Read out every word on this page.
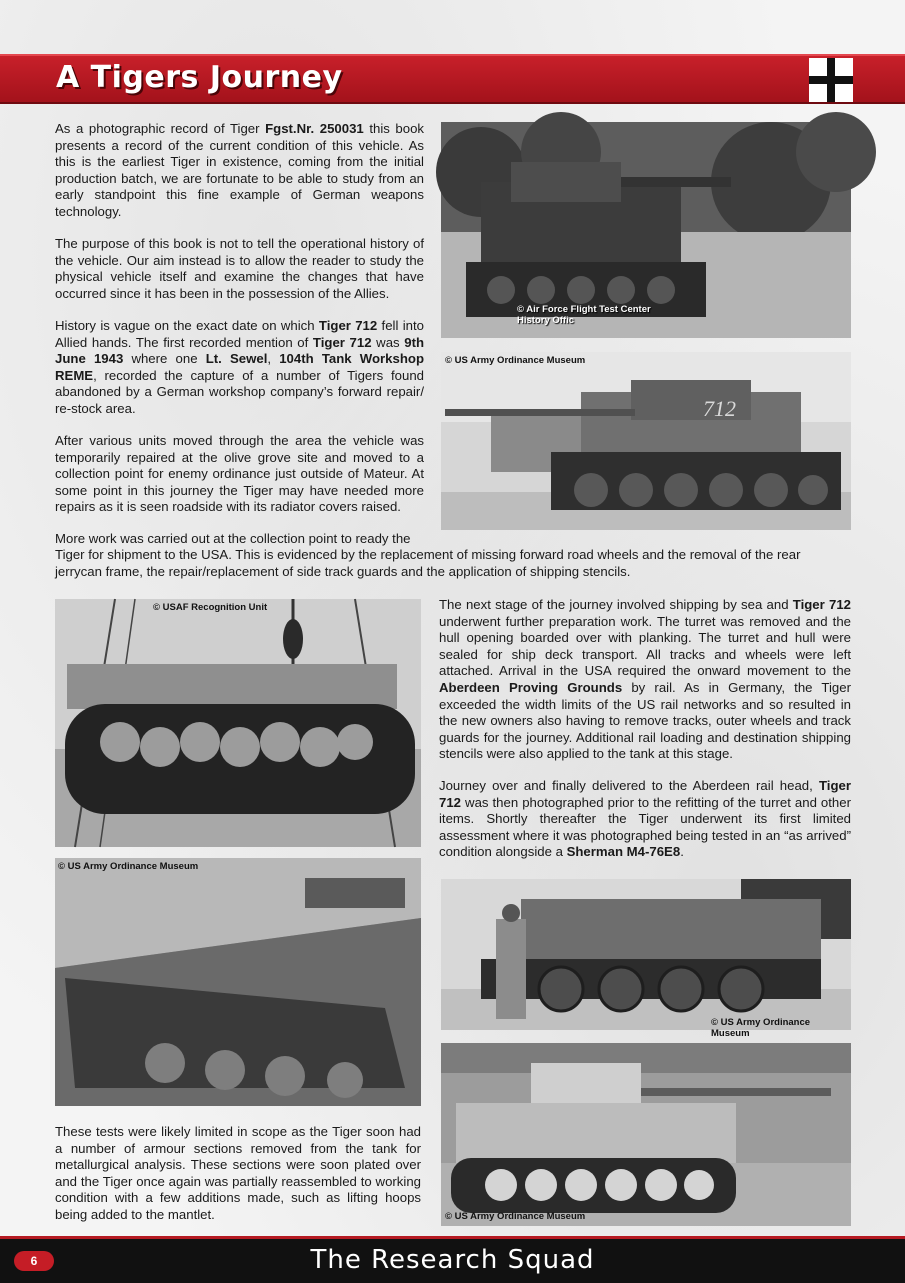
A Tigers Journey

As a photographic record of Tiger Fgst.Nr. 250031 this book presents a record of the current condition of this vehicle. As this is the earliest Tiger in existence, coming from the initial production batch, we are fortunate to be able to study from an early standpoint this fine example of German weapons technology.

The purpose of this book is not to tell the operational history of the vehicle. Our aim instead is to allow the reader to study the physical vehicle itself and examine the changes that have occurred since it has been in the possession of the Allies.

History is vague on the exact date on which Tiger 712 fell into Allied hands. The first recorded mention of Tiger 712 was 9th June 1943 where one Lt. Sewel, 104th Tank Workshop REME, recorded the capture of a number of Tigers found abandoned by a German workshop company’s forward repair/ re-stock area.

After various units moved through the area the vehicle was temporarily repaired at the olive grove site and moved to a collection point for enemy ordinance just outside of Mateur. At some point in this journey the Tiger may have needed more repairs as it is seen roadside with its radiator covers raised.

More work was carried out at the collection point to ready the

Tiger for shipment to the USA. This is evidenced by the replacement of missing forward road wheels and the removal of the rear jerrycan frame, the repair/replacement of side track guards and the application of shipping stencils.

© Air Force Flight Test Center
History Offic
712
© US Army Ordinance Museum
© USAF Recognition Unit
© US Army Ordinance Museum

The next stage of the journey involved shipping by sea and Tiger 712 underwent further preparation work. The turret was removed and the hull opening boarded over with planking. The turret and hull were sealed for ship deck transport. All tracks and wheels were left attached. Arrival in the USA required the onward movement to the Aberdeen Proving Grounds by rail. As in Germany, the Tiger exceeded the width limits of the US rail networks and so resulted in the new owners also having to remove tracks, outer wheels and track guards for the journey. Additional rail loading and destination shipping stencils were also applied to the tank at this stage.

Journey over and finally delivered to the Aberdeen rail head, Tiger 712 was then photographed prior to the refitting of the turret and other items. Shortly thereafter the Tiger underwent its first limited assessment where it was photographed being tested in an “as arrived” condition alongside a Sherman M4-76E8.

© US Army Ordinance Museum
© US Army Ordinance Museum

These tests were likely limited in scope as the Tiger soon had a number of armour sections removed from the tank for metallurgical analysis. These sections were soon plated over and the Tiger once again was partially reassembled to working condition with a few additions made, such as lifting hoops being added to the mantlet.

6	The Research Squad
